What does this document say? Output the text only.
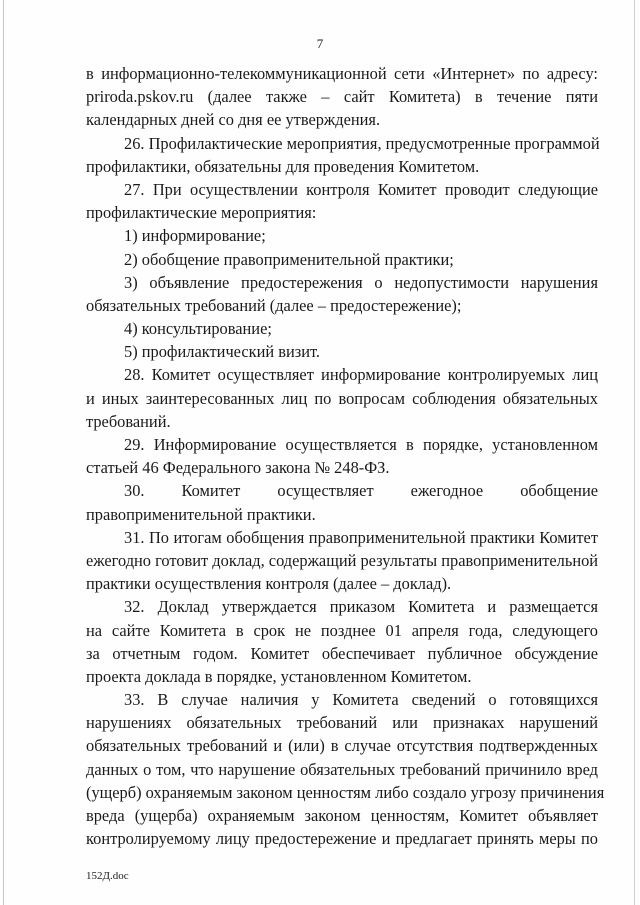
7
в информационно-телекоммуникационной сети «Интернет» по адресу:
priroda.pskov.ru (далее также – сайт Комитета) в течение пяти
календарных дней со дня ее утверждения.
26. Профилактические мероприятия, предусмотренные программой
профилактики, обязательны для проведения Комитетом.
27. При осуществлении контроля Комитет проводит следующие
профилактические мероприятия:
1) информирование;
2) обобщение правоприменительной практики;
3) объявление предостережения о недопустимости нарушения
обязательных требований (далее – предостережение);
4) консультирование;
5) профилактический визит.
28. Комитет осуществляет информирование контролируемых лиц
и иных заинтересованных лиц по вопросам соблюдения обязательных
требований.
29. Информирование осуществляется в порядке, установленном
статьей 46 Федерального закона № 248-ФЗ.
30. Комитет осуществляет ежегодное обобщение
правоприменительной практики.
31. По итогам обобщения правоприменительной практики Комитет
ежегодно готовит доклад, содержащий результаты правоприменительной
практики осуществления контроля (далее – доклад).
32. Доклад утверждается приказом Комитета и размещается
на сайте Комитета в срок не позднее 01 апреля года, следующего
за отчетным годом. Комитет обеспечивает публичное обсуждение
проекта доклада в порядке, установленном Комитетом.
33. В случае наличия у Комитета сведений о готовящихся
нарушениях обязательных требований или признаках нарушений
обязательных требований и (или) в случае отсутствия подтвержденных
данных о том, что нарушение обязательных требований причинило вред
(ущерб) охраняемым законом ценностям либо создало угрозу причинения
вреда (ущерба) охраняемым законом ценностям, Комитет объявляет
контролируемому лицу предостережение и предлагает принять меры по
152Д.doc
